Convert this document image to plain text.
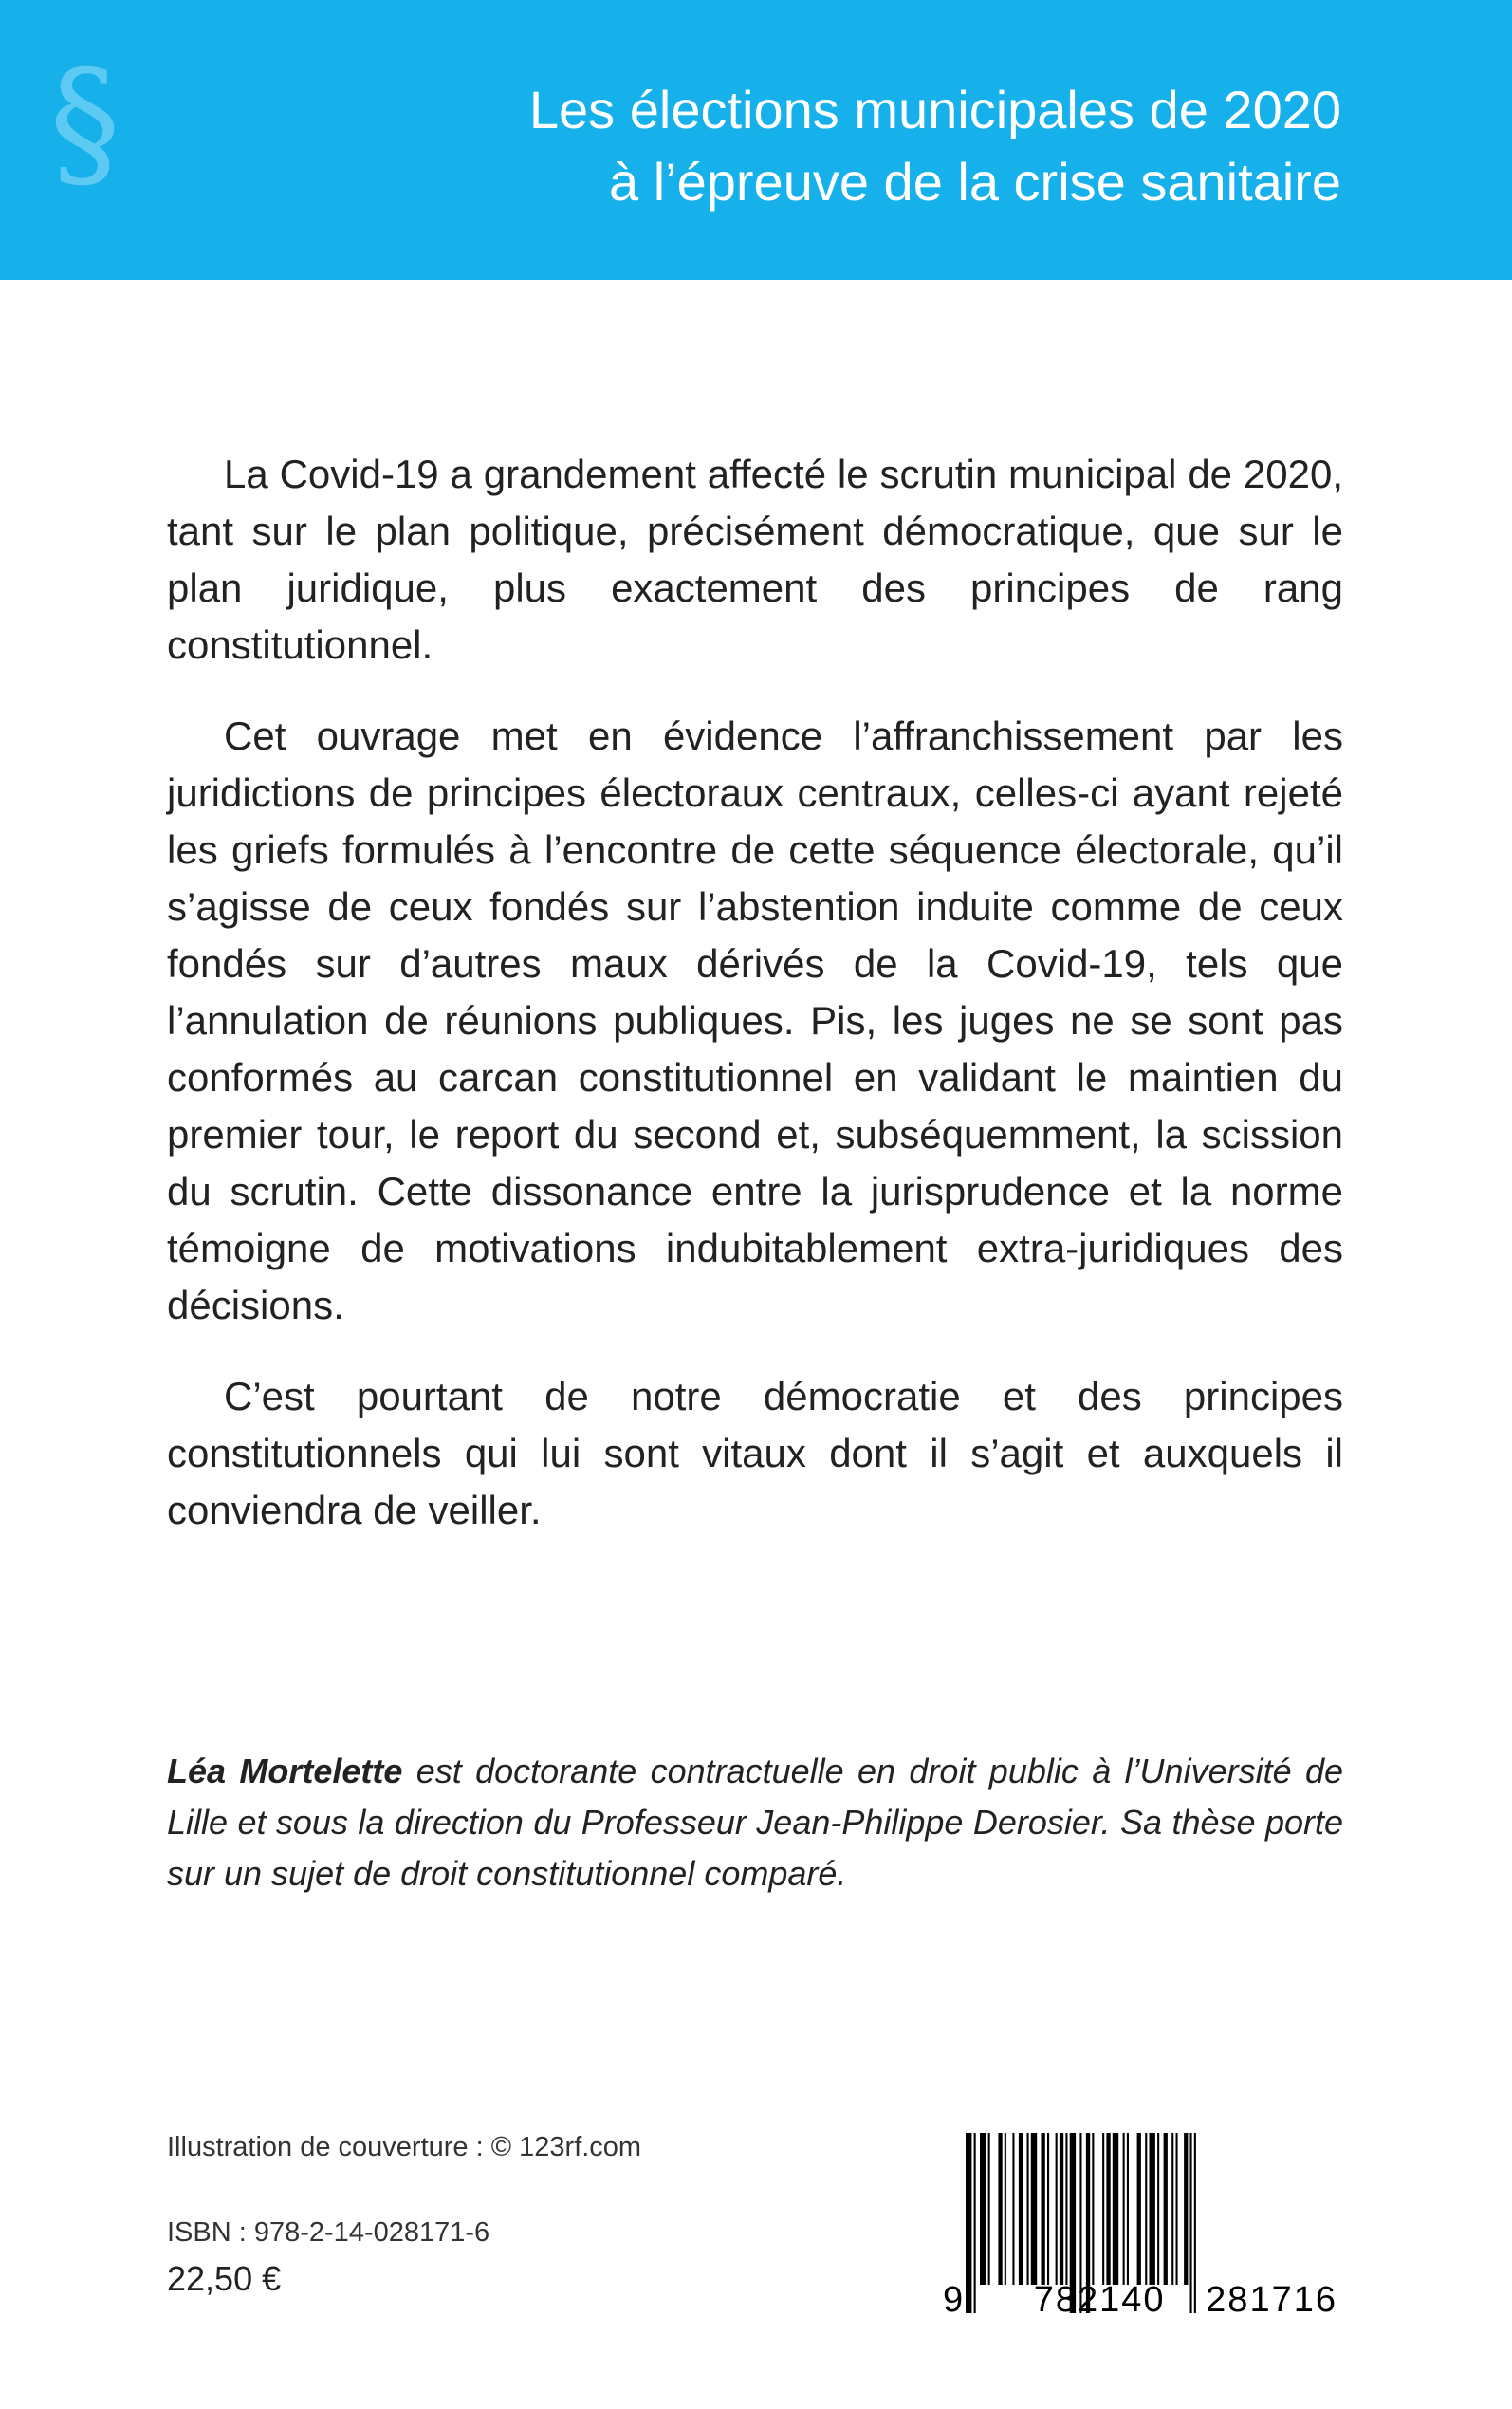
§	Les élections municipales de 2020
à l’épreuve de la crise sanitaire

La Covid-19 a grandement affecté le scrutin municipal de 2020, tant sur le plan politique, précisément démocratique, que sur le plan juridique, plus exactement des principes de rang constitutionnel.

Cet ouvrage met en évidence l’affranchissement par les juridictions de principes électoraux centraux, celles-ci ayant rejeté les griefs formulés à l’encontre de cette séquence électorale, qu’il s’agisse de ceux fondés sur l’abstention induite comme de ceux fondés sur d’autres maux dérivés de la Covid-19, tels que l’annulation de réunions publiques. Pis, les juges ne se sont pas conformés au carcan constitutionnel en validant le maintien du premier tour, le report du second et, subséquemment, la scission du scrutin. Cette dissonance entre la jurisprudence et la norme témoigne de motivations indubitablement extra-juridiques des décisions.

C’est pourtant de notre démocratie et des principes constitutionnels qui lui sont vitaux dont il s’agit et auxquels il conviendra de veiller.

Léa Mortelette est doctorante contractuelle en droit public à l’Université de Lille et sous la direction du Professeur Jean-Philippe Derosier. Sa thèse porte sur un sujet de droit constitutionnel comparé.
Illustration de couverture : © 123rf.com
ISBN : 978-2-14-028171-6
22,50 €
9 782140 281716
